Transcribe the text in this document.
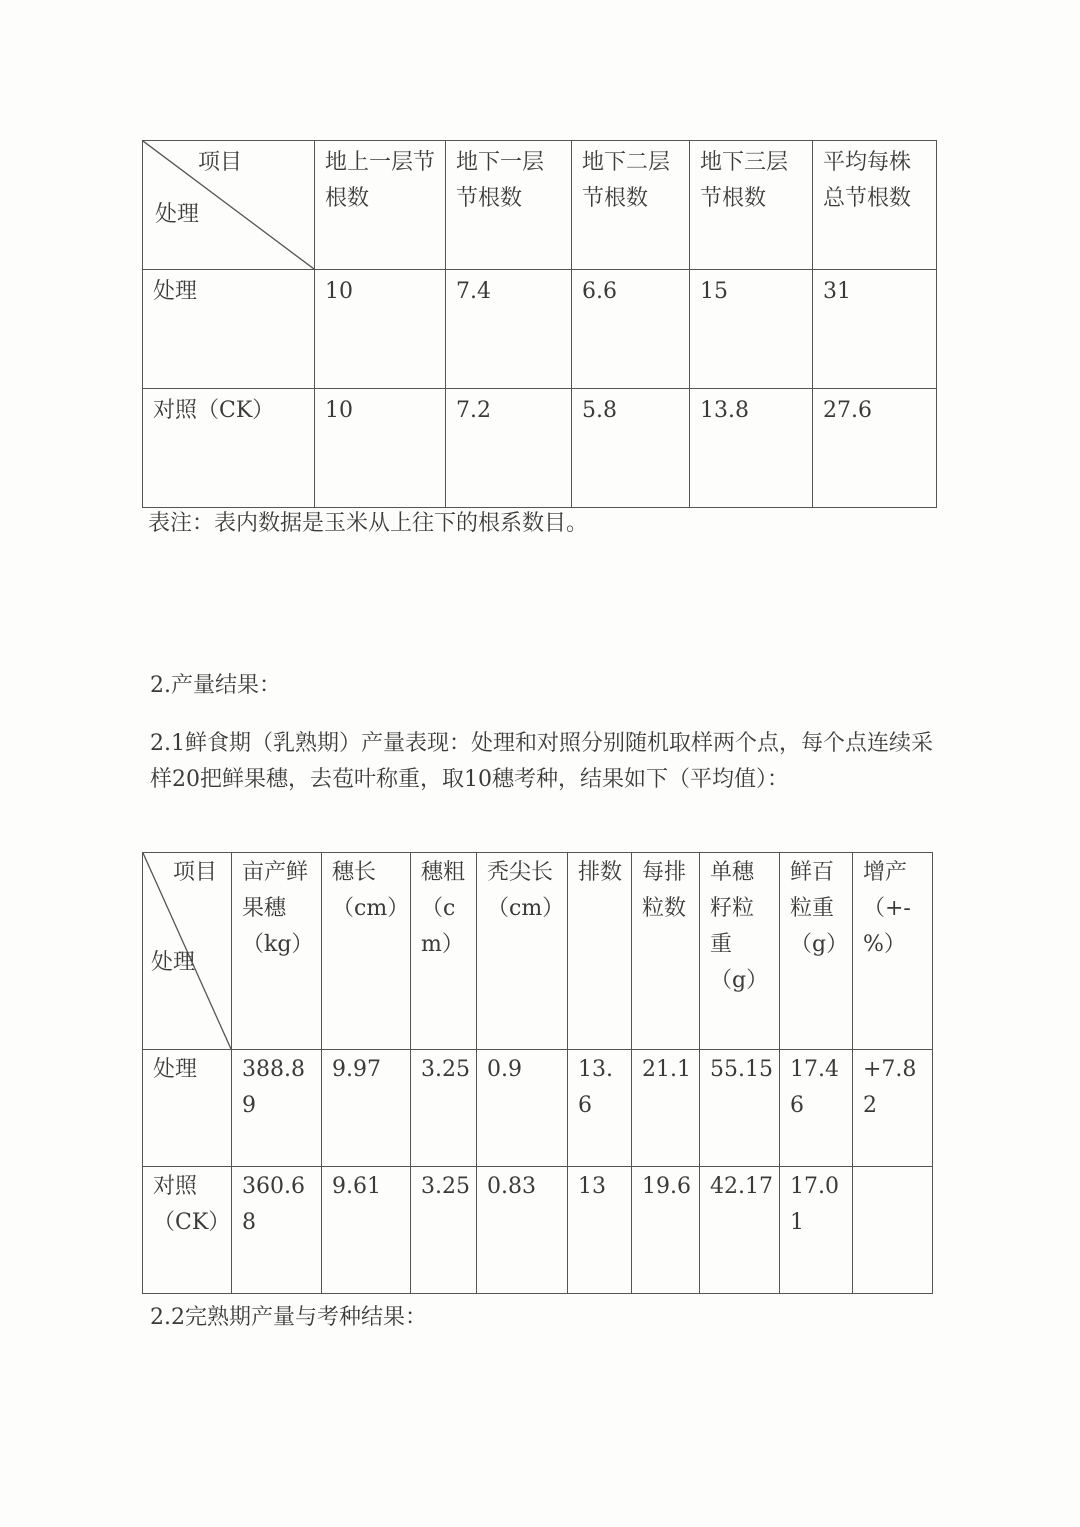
项目
处理	地上一层节根数	地下一层节根数	地下二层节根数	地下三层节根数	平均每株总节根数
处理	10	7.4	6.6	15	31
对照（CK）	10	7.2	5.8	13.8	27.6
表注：表内数据是玉米从上往下的根系数目。
2.产量结果：
2.1鲜食期（乳熟期）产量表现：处理和对照分别随机取样两个点，每个点连续采样20把鲜果穗，去苞叶称重，取10穗考种，结果如下（平均值）：
项目
处理	亩产鲜果穗（kg）	穗长（cm）	穗粗（cm）	秃尖长（cm）	排数	每排粒数	单穗籽粒重（g）	鲜百粒重（g）	增产（+-%）
处理	388.89	9.97	3.25	0.9	13.6	21.1	55.15	17.46	+7.82
对照（CK）	360.68	9.61	3.25	0.83	13	19.6	42.17	17.01	
2.2完熟期产量与考种结果：
